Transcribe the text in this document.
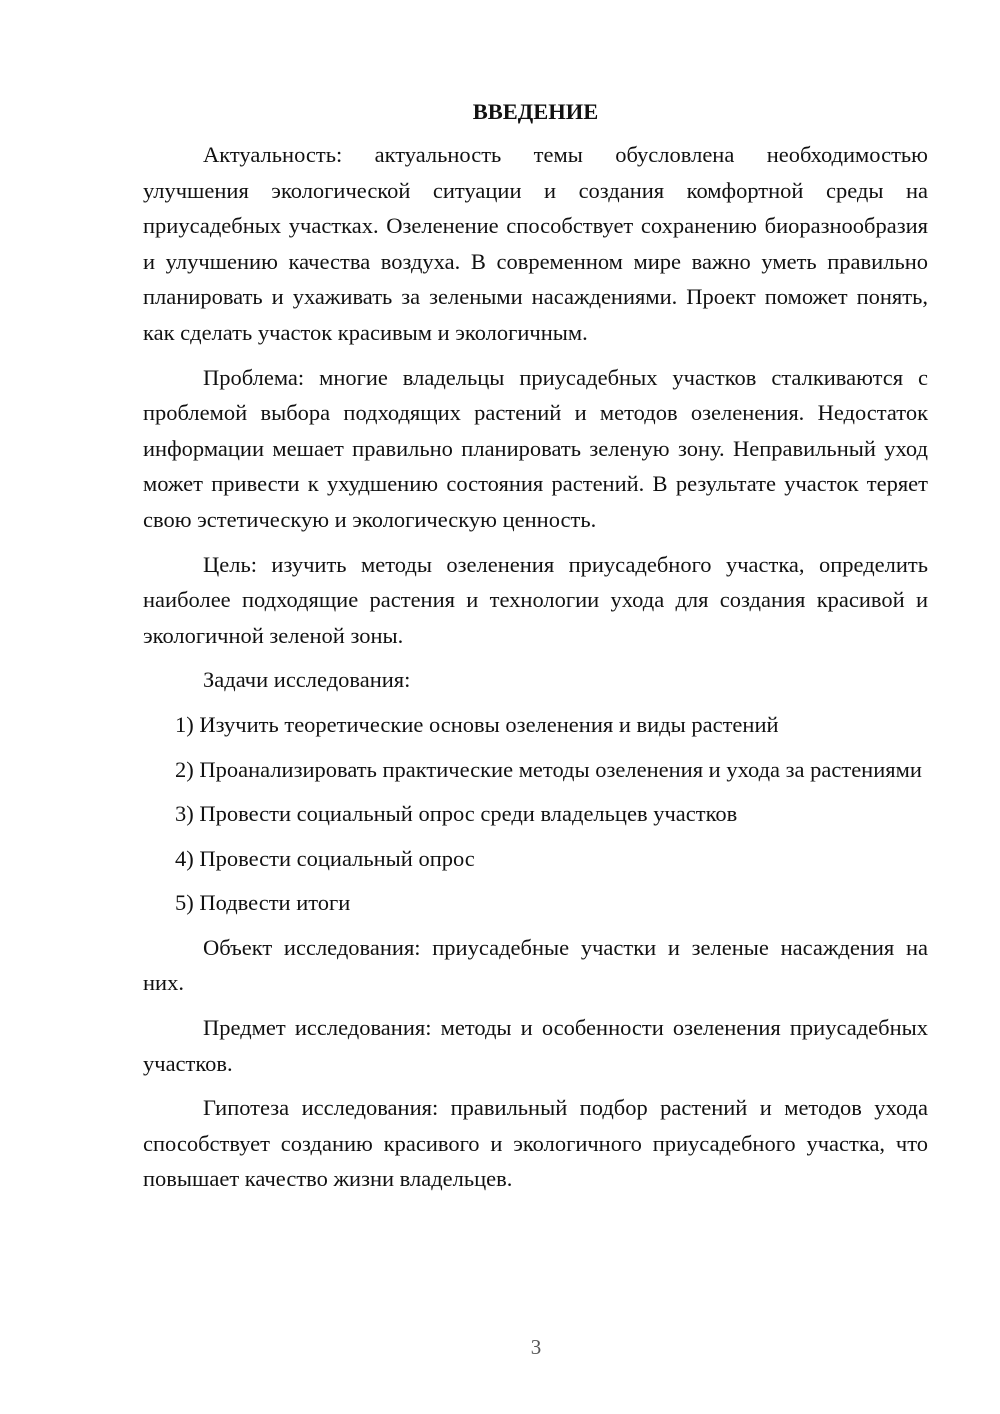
ВВЕДЕНИЕ

Актуальность: актуальность темы обусловлена необходимостью улучшения экологической ситуации и создания комфортной среды на приусадебных участках. Озеленение способствует сохранению биоразнообразия и улучшению качества воздуха. В современном мире важно уметь правильно планировать и ухаживать за зелеными насаждениями. Проект поможет понять, как сделать участок красивым и экологичным.

Проблема: многие владельцы приусадебных участков сталкиваются с проблемой выбора подходящих растений и методов озеленения. Недостаток информации мешает правильно планировать зеленую зону. Неправильный уход может привести к ухудшению состояния растений. В результате участок теряет свою эстетическую и экологическую ценность.

Цель: изучить методы озеленения приусадебного участка, определить наиболее подходящие растения и технологии ухода для создания красивой и экологичной зеленой зоны.

Задачи исследования:

1) Изучить теоретические основы озеленения и виды растений

2) Проанализировать практические методы озеленения и ухода за растениями

3) Провести социальный опрос среди владельцев участков

4) Провести социальный опрос

5) Подвести итоги

Объект исследования: приусадебные участки и зеленые насаждения на них.

Предмет исследования: методы и особенности озеленения приусадебных участков.

Гипотеза исследования: правильный подбор растений и методов ухода способствует созданию красивого и экологичного приусадебного участка, что повышает качество жизни владельцев.

3
